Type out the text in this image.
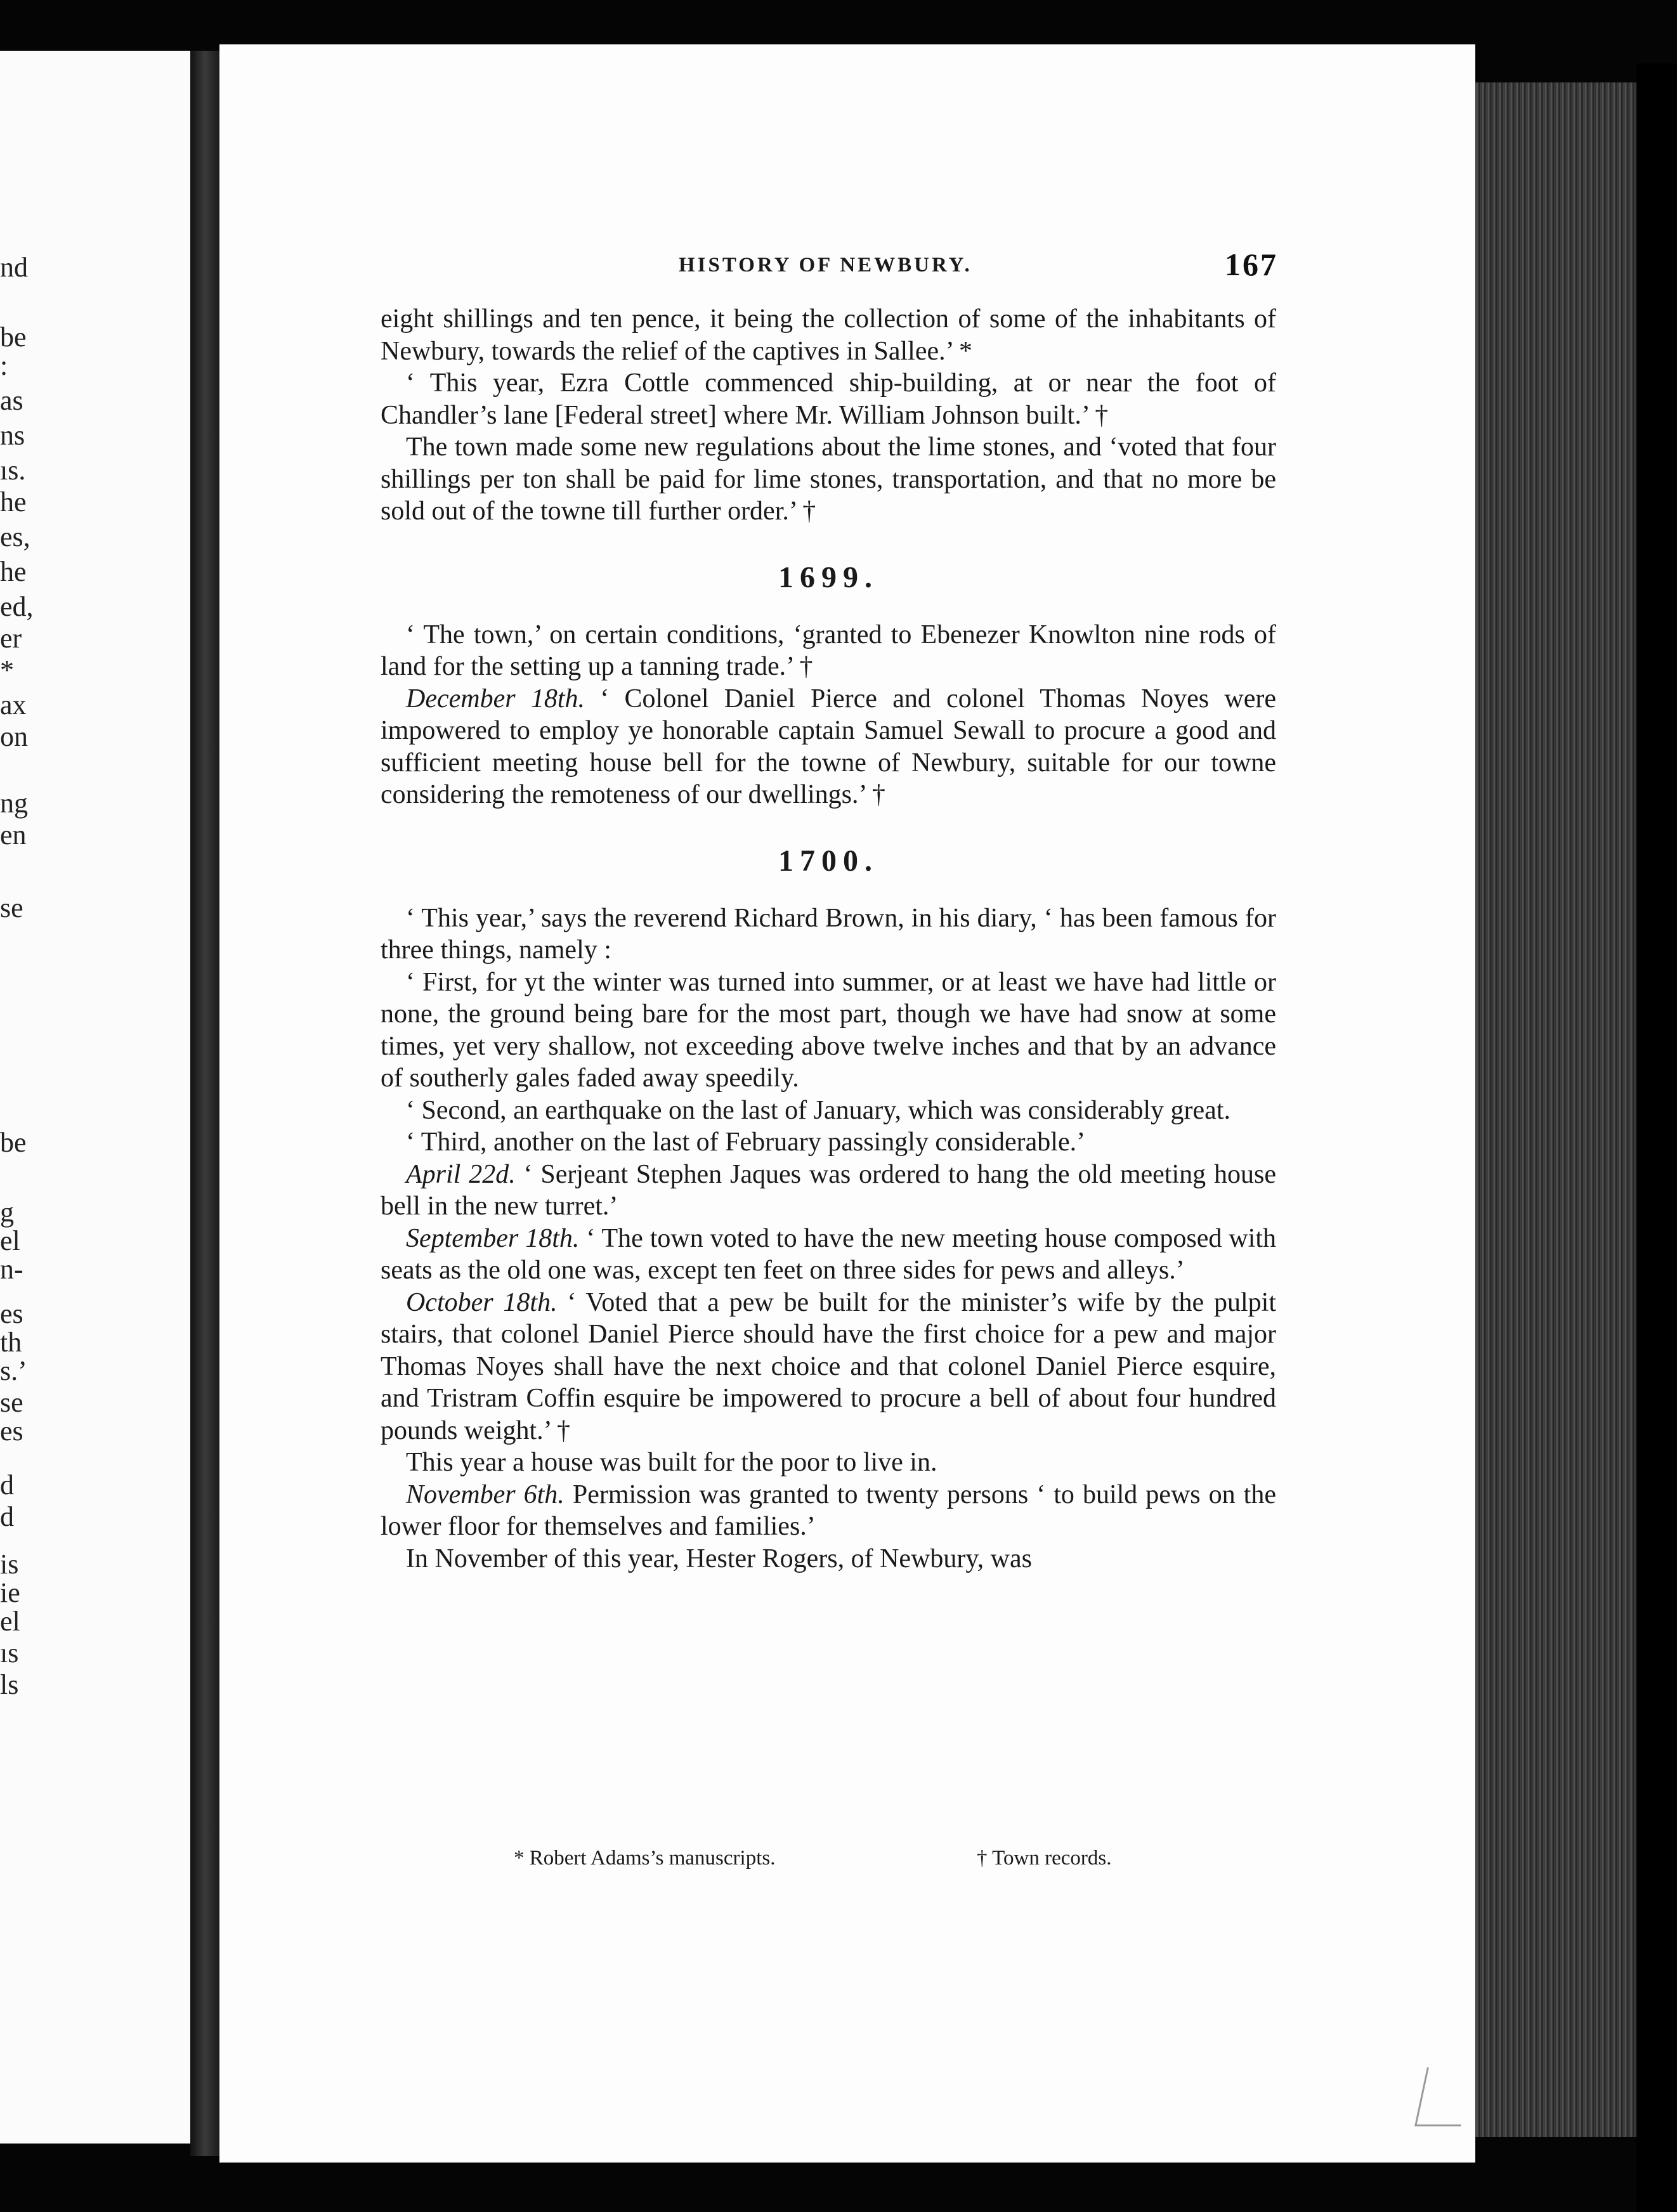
nd
be
:
as
ns
ıs.
he
es,
he
ed,
er
*
ax
on
ng
en
se
be
g
el
n-
es
th
s.’
se
es
d
d
is
ie
el
ıs
ls
HISTORY OF NEWBURY.	167

eight shillings and ten pence, it being the collection of some of the inhabitants of Newbury, towards the relief of the captives in Sallee.’ *

‘ This year, Ezra Cottle commenced ship-building, at or near the foot of Chandler’s lane [Federal street] where Mr. William Johnson built.’ †

The town made some new regulations about the lime stones, and ‘voted that four shillings per ton shall be paid for lime stones, transportation, and that no more be sold out of the towne till further order.’ †

1699.

‘ The town,’ on certain conditions, ‘granted to Ebenezer Knowlton nine rods of land for the setting up a tanning trade.’ †

December 18th. ‘ Colonel Daniel Pierce and colonel Thomas Noyes were impowered to employ ye honorable captain Samuel Sewall to procure a good and sufficient meeting house bell for the towne of Newbury, suitable for our towne considering the remoteness of our dwellings.’ †

1700.

‘ This year,’ says the reverend Richard Brown, in his diary, ‘ has been famous for three things, namely :

‘ First, for yt the winter was turned into summer, or at least we have had little or none, the ground being bare for the most part, though we have had snow at some times, yet very shallow, not exceeding above twelve inches and that by an advance of southerly gales faded away speedily.

‘ Second, an earthquake on the last of January, which was considerably great.

‘ Third, another on the last of February passingly considerable.’

April 22d. ‘ Serjeant Stephen Jaques was ordered to hang the old meeting house bell in the new turret.’

September 18th. ‘ The town voted to have the new meeting house composed with seats as the old one was, except ten feet on three sides for pews and alleys.’

October 18th. ‘ Voted that a pew be built for the minister’s wife by the pulpit stairs, that colonel Daniel Pierce should have the first choice for a pew and major Thomas Noyes shall have the next choice and that colonel Daniel Pierce esquire, and Tristram Coffin esquire be impowered to procure a bell of about four hundred pounds weight.’ †

This year a house was built for the poor to live in.

November 6th. Permission was granted to twenty persons ‘ to build pews on the lower floor for themselves and families.’

In November of this year, Hester Rogers, of Newbury, was

* Robert Adams’s manuscripts.	† Town records.
